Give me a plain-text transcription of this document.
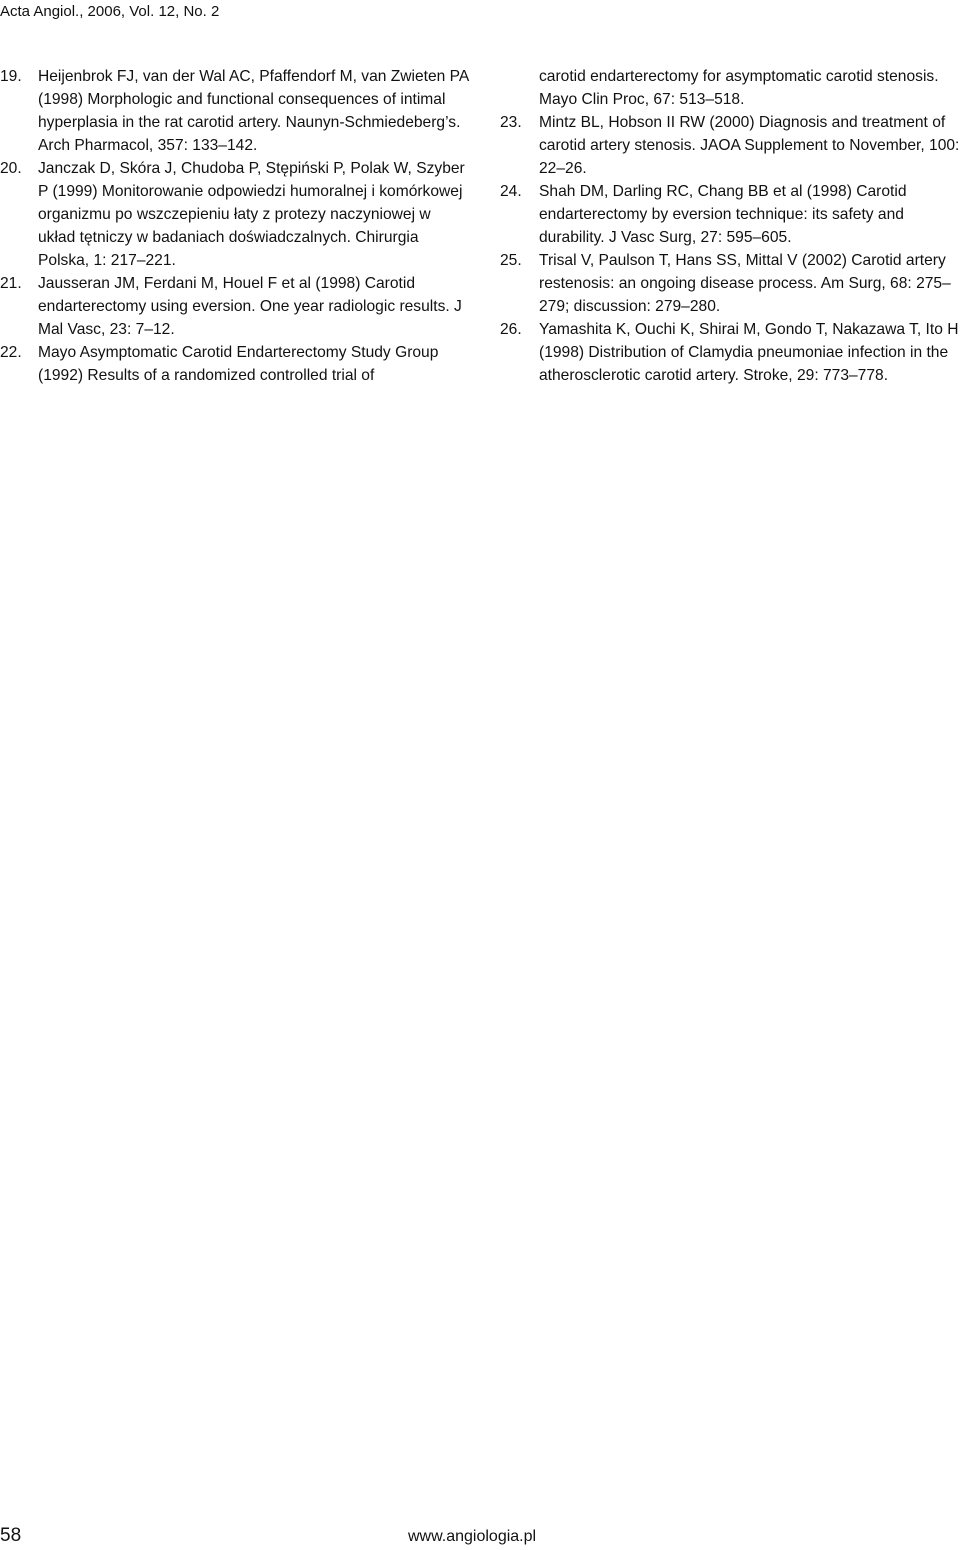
Acta Angiol., 2006, Vol. 12, No. 2

19.	Heijenbrok FJ, van der Wal AC, Pfaffendorf M, van Zwieten PA (1998) Morphologic and functional consequences of intimal hyperplasia in the rat carotid artery. Naunyn-Schmiedeberg’s. Arch Pharmacol, 357: 133–142.

20.	Janczak D, Skóra J, Chudoba P, Stępiński P, Polak W, Szyber P (1999) Monitorowanie odpowiedzi humoralnej i komórkowej organizmu po wszczepieniu łaty z protezy naczyniowej w układ tętniczy w badaniach doświadczalnych. Chirurgia Polska, 1: 217–221.

21.	Jausseran JM, Ferdani M, Houel F et al (1998) Carotid endarterectomy using eversion. One year radiologic results. J Mal Vasc, 23: 7–12.

22.	Mayo Asymptomatic Carotid Endarterectomy Study Group (1992) Results of a randomized controlled trial of

carotid endarterectomy for asymptomatic carotid stenosis. Mayo Clin Proc, 67: 513–518.

23.	Mintz BL, Hobson II RW (2000) Diagnosis and treatment of carotid artery stenosis. JAOA Supplement to November, 100: 22–26.

24.	Shah DM, Darling RC, Chang BB et al (1998) Carotid endarterectomy by eversion technique: its safety and durability. J Vasc Surg, 27: 595–605.

25.	Trisal V, Paulson T, Hans SS, Mittal V (2002) Carotid artery restenosis: an ongoing disease process. Am Surg, 68: 275–279; discussion: 279–280.

26.	Yamashita K, Ouchi K, Shirai M, Gondo T, Nakazawa T, Ito H (1998) Distribution of Clamydia pneumoniae infection in the atherosclerotic carotid artery. Stroke, 29: 773–778.

58	www.angiologia.pl
